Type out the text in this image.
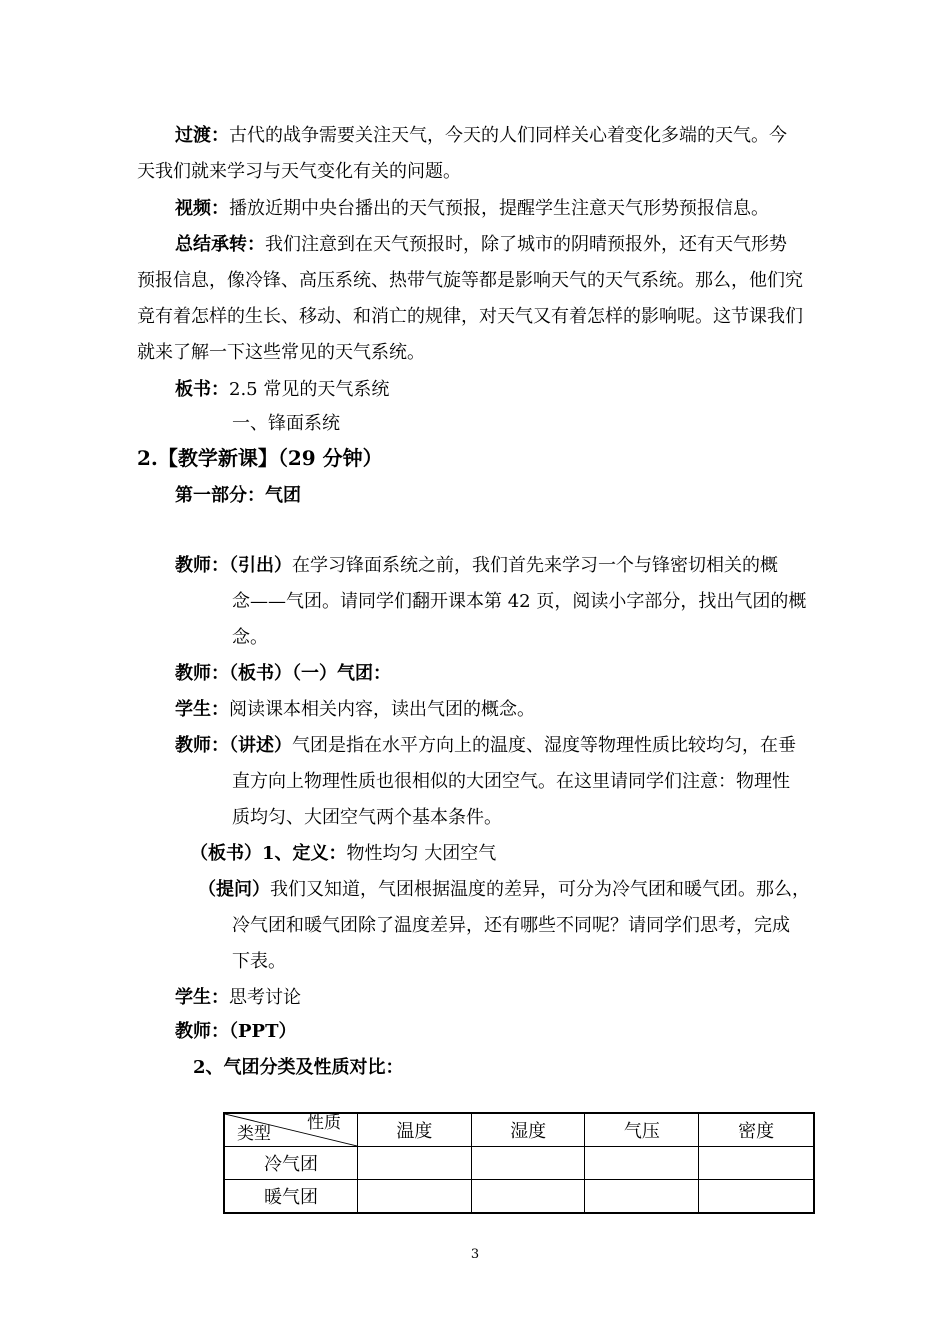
过渡：古代的战争需要关注天气，今天的人们同样关心着变化多端的天气。今
天我们就来学习与天气变化有关的问题。
视频：播放近期中央台播出的天气预报，提醒学生注意天气形势预报信息。
总结承转：我们注意到在天气预报时，除了城市的阴晴预报外，还有天气形势
预报信息，像冷锋、高压系统、热带气旋等都是影响天气的天气系统。那么，他们究
竟有着怎样的生长、移动、和消亡的规律，对天气又有着怎样的影响呢。这节课我们
就来了解一下这些常见的天气系统。
板书：2.5 常见的天气系统
一、锋面系统
2.【教学新课】（29 分钟）
第一部分：气团
教师：（引出）在学习锋面系统之前，我们首先来学习一个与锋密切相关的概
念——气团。请同学们翻开课本第 42 页，阅读小字部分，找出气团的概
念。
教师：（板书）（一）气团：
学生：阅读课本相关内容，读出气团的概念。
教师：（讲述）气团是指在水平方向上的温度、湿度等物理性质比较均匀，在垂
直方向上物理性质也很相似的大团空气。在这里请同学们注意：物理性
质均匀、大团空气两个基本条件。
（板书）1、定义：物性均匀 大团空气
（提问）我们又知道，气团根据温度的差异，可分为冷气团和暖气团。那么，
冷气团和暖气团除了温度差异，还有哪些不同呢？请同学们思考，完成
下表。
学生：思考讨论
教师：（PPT）
2、气团分类及性质对比：
性质
类型	温度	湿度	气压	密度
冷气团				
暖气团				
3
